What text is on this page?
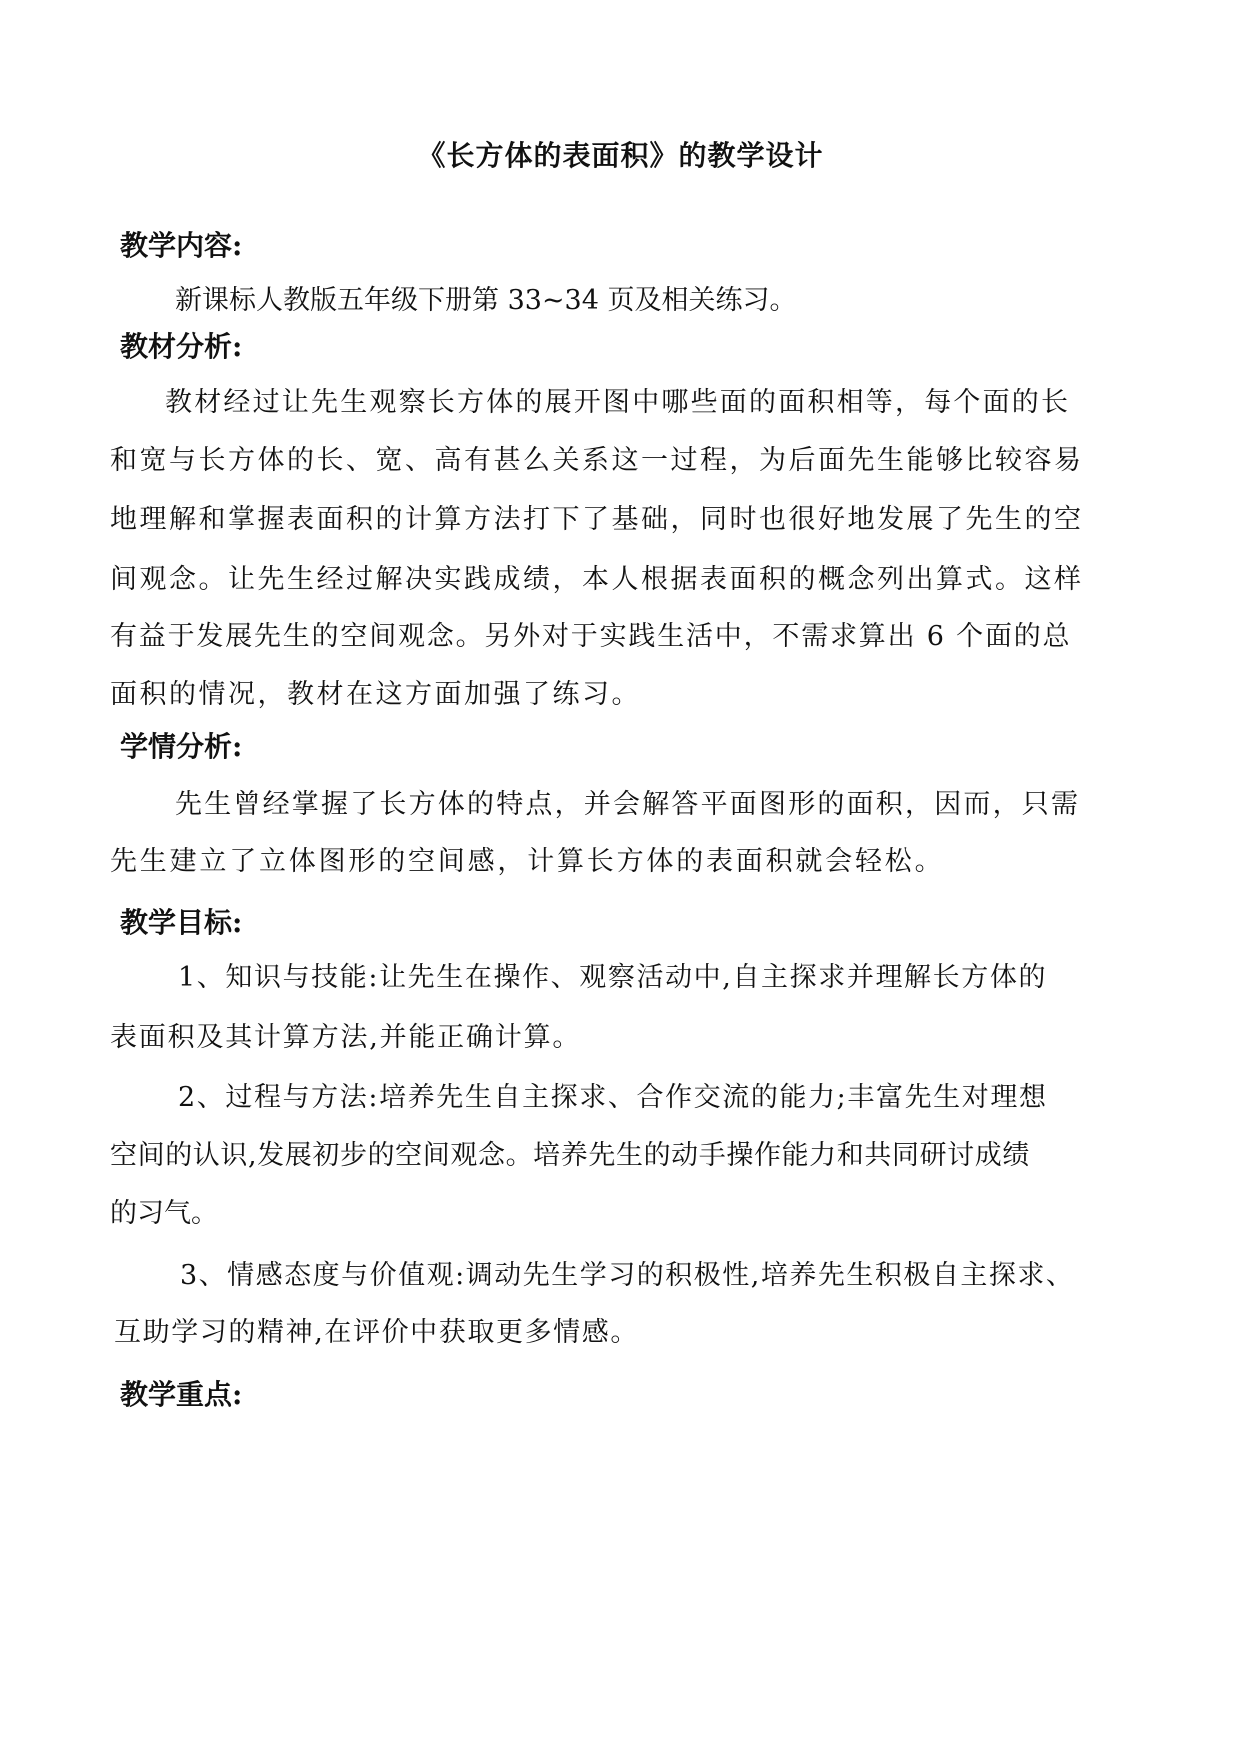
《长方体的表面积》的教学设计
教学内容:
新课标人教版五年级下册第 33~34 页及相关练习。
教材分析:
教材经过让先生观察长方体的展开图中哪些面的面积相等，每个面的长
和宽与长方体的长、宽、高有甚么关系这一过程，为后面先生能够比较容易
地理解和掌握表面积的计算方法打下了基础，同时也很好地发展了先生的空
间观念。让先生经过解决实践成绩，本人根据表面积的概念列出算式。这样
有益于发展先生的空间观念。另外对于实践生活中，不需求算出 6 个面的总
面积的情况，教材在这方面加强了练习。
学情分析:
先生曾经掌握了长方体的特点，并会解答平面图形的面积，因而，只需
先生建立了立体图形的空间感，计算长方体的表面积就会轻松。
教学目标:
1、知识与技能:让先生在操作、观察活动中,自主探求并理解长方体的
表面积及其计算方法,并能正确计算。
2、过程与方法:培养先生自主探求、合作交流的能力;丰富先生对理想
空间的认识,发展初步的空间观念。培养先生的动手操作能力和共同研讨成绩
的习气。
3、情感态度与价值观:调动先生学习的积极性,培养先生积极自主探求、
互助学习的精神,在评价中获取更多情感。
教学重点:
